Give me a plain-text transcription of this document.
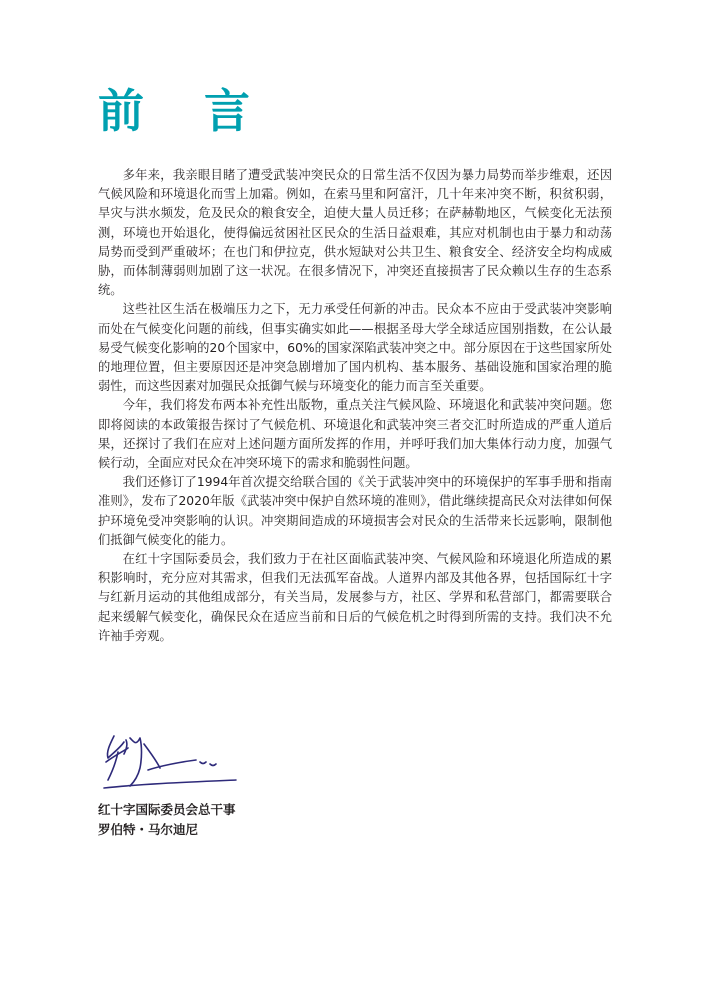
前 言

多年来，我亲眼目睹了遭受武装冲突民众的日常生活不仅因为暴力局势而举步维艰，还因气候风险和环境退化而雪上加霜。例如，在索马里和阿富汗，几十年来冲突不断，积贫积弱，旱灾与洪水频发，危及民众的粮食安全，迫使大量人员迁移；在萨赫勒地区，气候变化无法预测，环境也开始退化，使得偏远贫困社区民众的生活日益艰难，其应对机制也由于暴力和动荡局势而受到严重破坏；在也门和伊拉克，供水短缺对公共卫生、粮食安全、经济安全均构成威胁，而体制薄弱则加剧了这一状况。在很多情况下，冲突还直接损害了民众赖以生存的生态系统。

这些社区生活在极端压力之下，无力承受任何新的冲击。民众本不应由于受武装冲突影响而处在气候变化问题的前线，但事实确实如此——根据圣母大学全球适应国别指数，在公认最易受气候变化影响的20个国家中，60%的国家深陷武装冲突之中。部分原因在于这些国家所处的地理位置，但主要原因还是冲突急剧增加了国内机构、基本服务、基础设施和国家治理的脆弱性，而这些因素对加强民众抵御气候与环境变化的能力而言至关重要。

今年，我们将发布两本补充性出版物，重点关注气候风险、环境退化和武装冲突问题。您即将阅读的本政策报告探讨了气候危机、环境退化和武装冲突三者交汇时所造成的严重人道后果，还探讨了我们在应对上述问题方面所发挥的作用，并呼吁我们加大集体行动力度，加强气候行动，全面应对民众在冲突环境下的需求和脆弱性问题。

我们还修订了1994年首次提交给联合国的《关于武装冲突中的环境保护的军事手册和指南准则》，发布了2020年版《武装冲突中保护自然环境的准则》，借此继续提高民众对法律如何保护环境免受冲突影响的认识。冲突期间造成的环境损害会对民众的生活带来长远影响，限制他们抵御气候变化的能力。

在红十字国际委员会，我们致力于在社区面临武装冲突、气候风险和环境退化所造成的累积影响时，充分应对其需求，但我们无法孤军奋战。人道界内部及其他各界，包括国际红十字与红新月运动的其他组成部分，有关当局，发展参与方，社区、学界和私营部门，都需要联合起来缓解气候变化，确保民众在适应当前和日后的气候危机之时得到所需的支持。我们决不允许袖手旁观。

红十字国际委员会总干事

罗伯特・马尔迪尼
